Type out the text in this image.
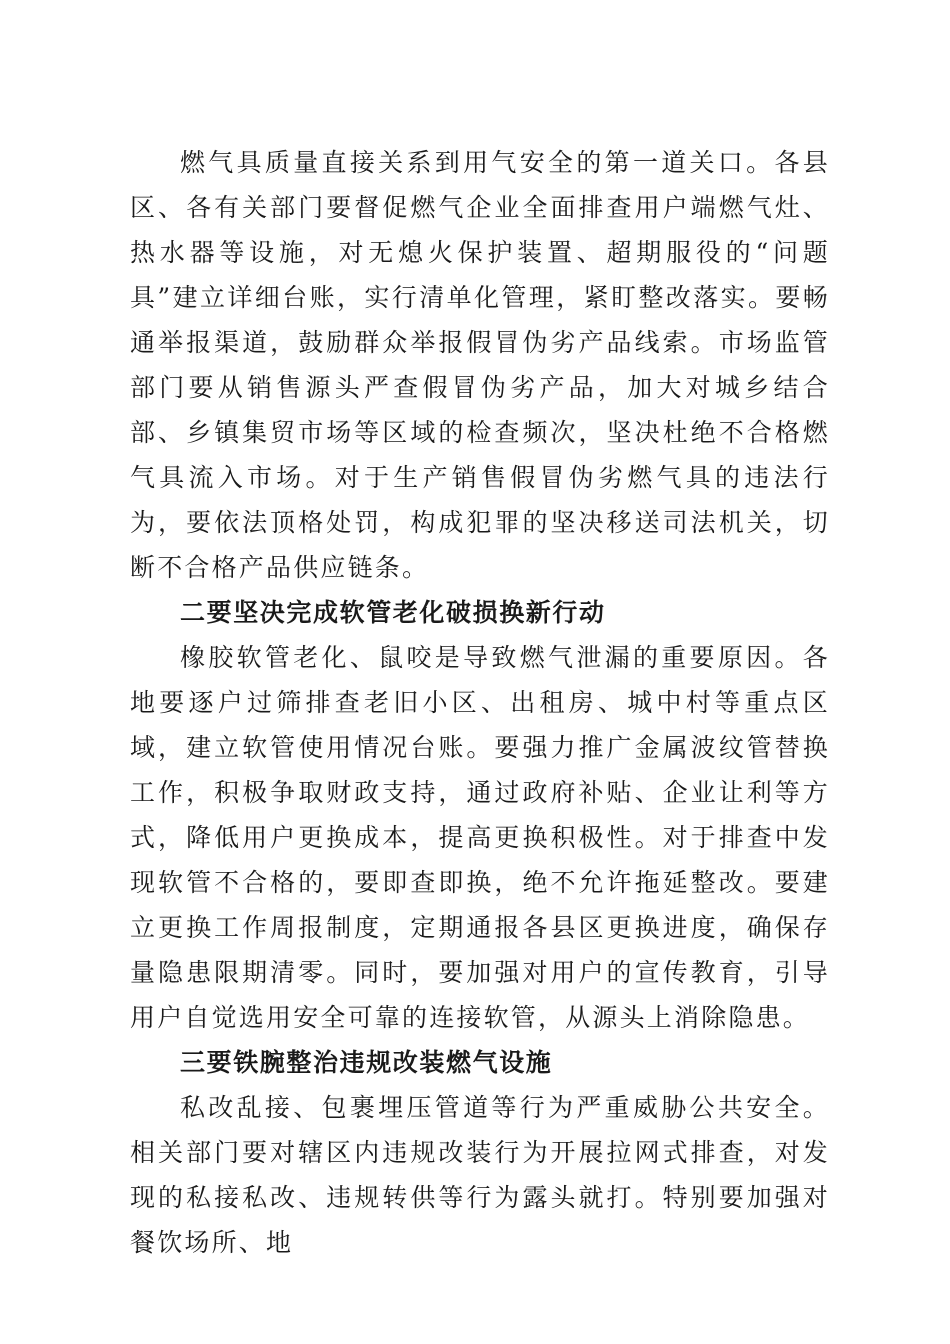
燃气具质量直接关系到用气安全的第一道关口。各县区、各有关部门要督促燃气企业全面排查用户端燃气灶、热水器等设施，对无熄火保护装置、超期服役的“问题具”建立详细台账，实行清单化管理，紧盯整改落实。要畅通举报渠道，鼓励群众举报假冒伪劣产品线索。市场监管部门要从销售源头严查假冒伪劣产品，加大对城乡结合部、乡镇集贸市场等区域的检查频次，坚决杜绝不合格燃气具流入市场。对于生产销售假冒伪劣燃气具的违法行为，要依法顶格处罚，构成犯罪的坚决移送司法机关，切断不合格产品供应链条。

二要坚决完成软管老化破损换新行动

橡胶软管老化、鼠咬是导致燃气泄漏的重要原因。各地要逐户过筛排查老旧小区、出租房、城中村等重点区域，建立软管使用情况台账。要强力推广金属波纹管替换工作，积极争取财政支持，通过政府补贴、企业让利等方式，降低用户更换成本，提高更换积极性。对于排查中发现软管不合格的，要即查即换，绝不允许拖延整改。要建立更换工作周报制度，定期通报各县区更换进度，确保存量隐患限期清零。同时，要加强对用户的宣传教育，引导用户自觉选用安全可靠的连接软管，从源头上消除隐患。

三要铁腕整治违规改装燃气设施

私改乱接、包裹埋压管道等行为严重威胁公共安全。相关部门要对辖区内违规改装行为开展拉网式排查，对发现的私接私改、违规转供等行为露头就打。特别要加强对餐饮场所、地
